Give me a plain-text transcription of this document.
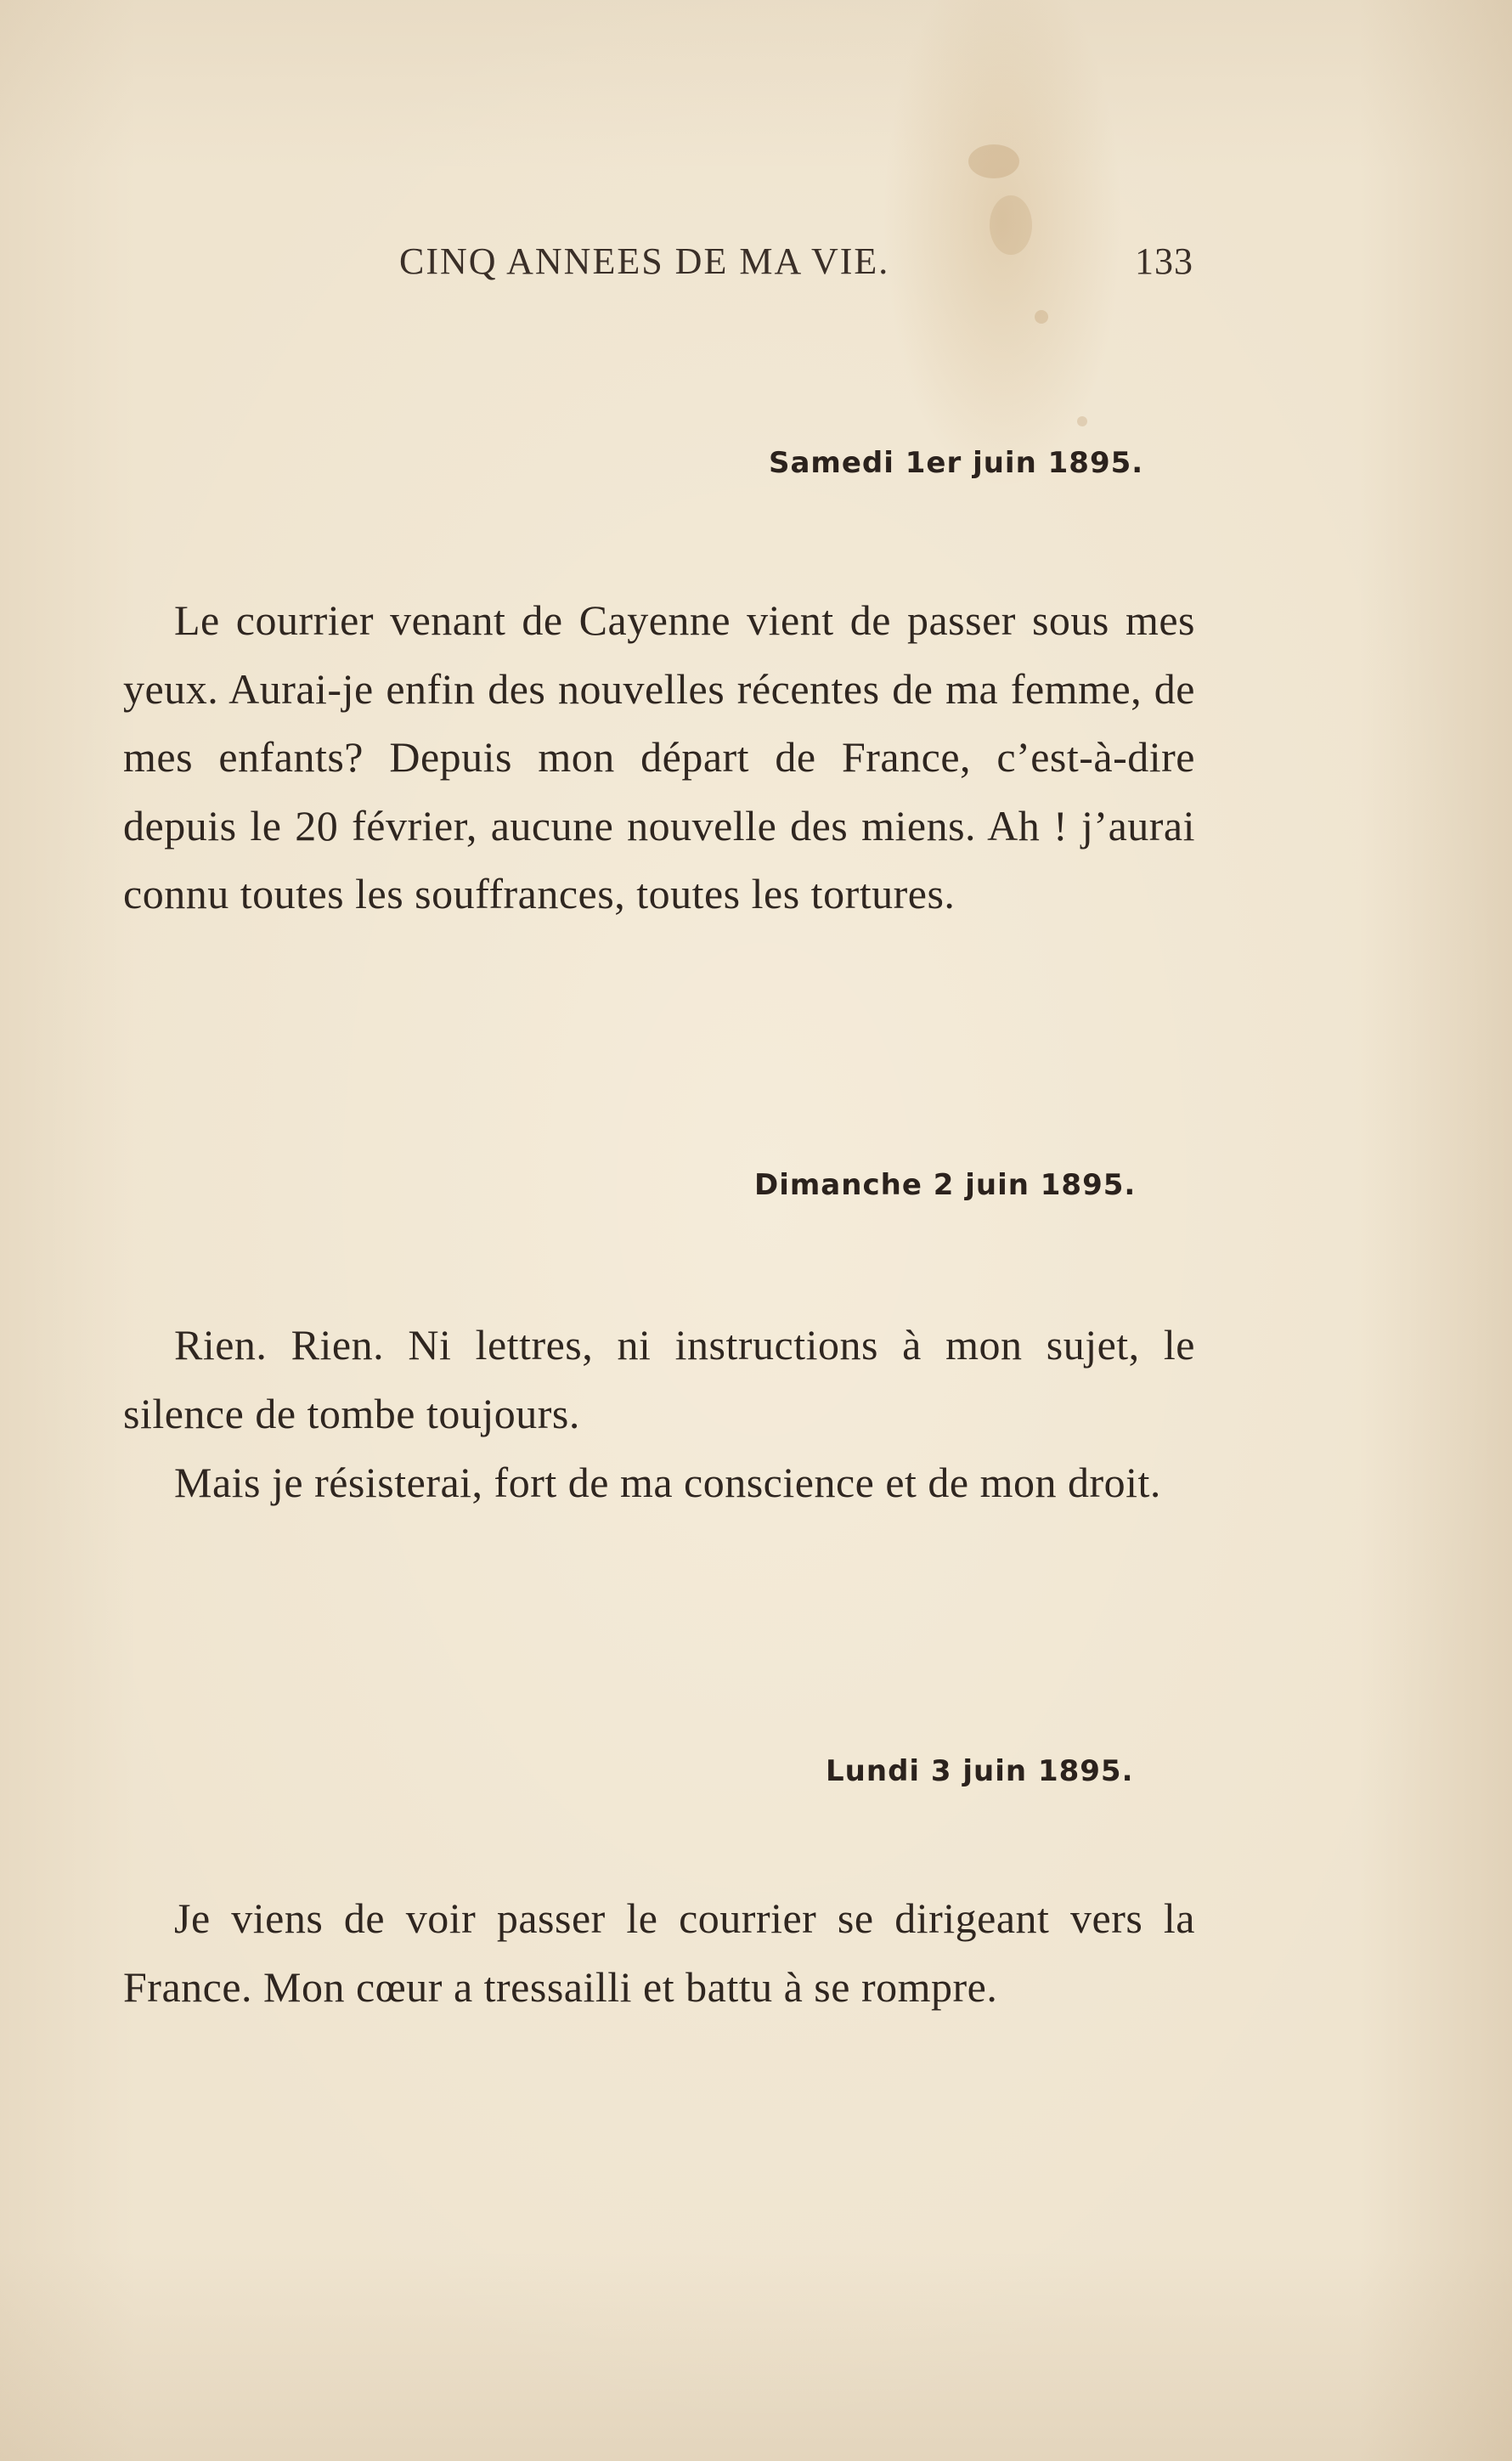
CINQ ANNEES DE MA VIE.	133
Samedi 1er juin 1895.

Le courrier venant de Cayenne vient de passer sous mes yeux. Aurai-je enfin des nouvelles récentes de ma femme, de mes enfants? Depuis mon départ de France, c’est-à-dire depuis le 20 février, aucune nouvelle des miens. Ah ! j’aurai connu toutes les souffrances, toutes les tortures.

Dimanche 2 juin 1895.

Rien. Rien. Ni lettres, ni instructions à mon sujet, le silence de tombe toujours.

Mais je résisterai, fort de ma conscience et de mon droit.

Lundi 3 juin 1895.

Je viens de voir passer le courrier se dirigeant vers la France. Mon cœur a tressailli et battu à se rompre.
